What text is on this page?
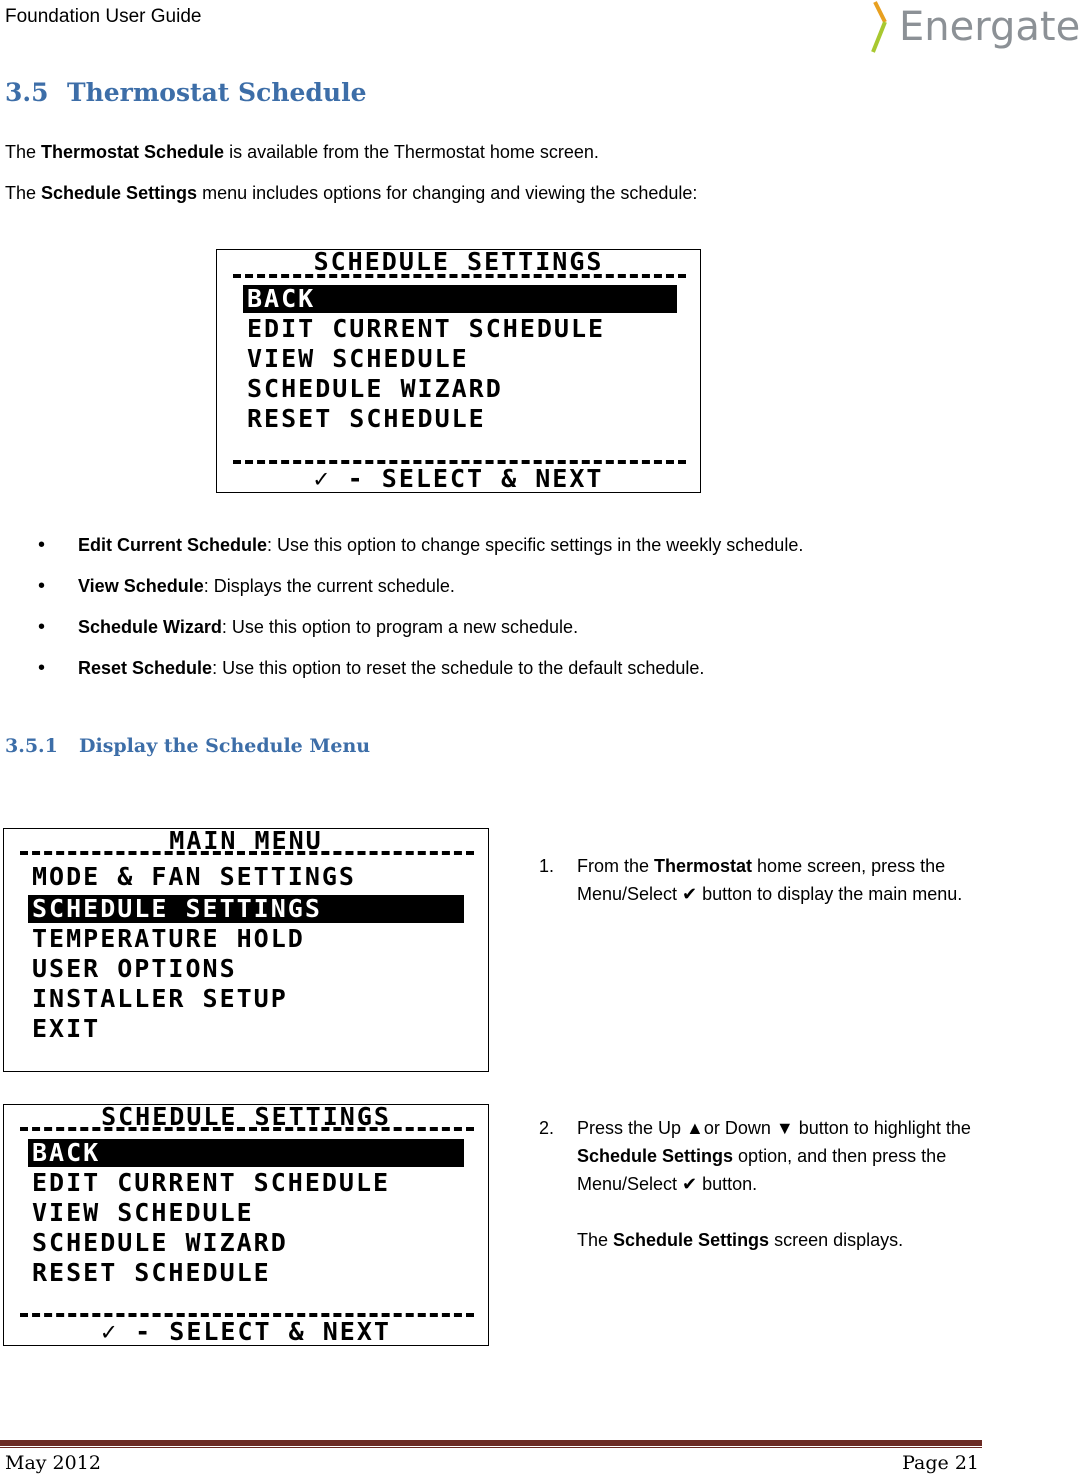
Foundation User Guide	Energate
3.5 Thermostat Schedule
The Thermostat Schedule is available from the Thermostat home screen.
The Schedule Settings menu includes options for changing and viewing the schedule:
SCHEDULE SETTINGS
BACK
EDIT CURRENT SCHEDULE
VIEW SCHEDULE
SCHEDULE WIZARD
RESET SCHEDULE
✓ - SELECT & NEXT
• Edit Current Schedule: Use this option to change specific settings in the weekly schedule.
• View Schedule: Displays the current schedule.
• Schedule Wizard: Use this option to program a new schedule.
• Reset Schedule: Use this option to reset the schedule to the default schedule.
3.5.1 Display the Schedule Menu
MAIN MENU
MODE & FAN SETTINGS
SCHEDULE SETTINGS
TEMPERATURE HOLD
USER OPTIONS
INSTALLER SETUP
EXIT
1. From the Thermostat home screen, press the Menu/Select ✔ button to display the main menu.
SCHEDULE SETTINGS
BACK
EDIT CURRENT SCHEDULE
VIEW SCHEDULE
SCHEDULE WIZARD
RESET SCHEDULE
✓ - SELECT & NEXT
2. Press the Up ▲or Down ▼ button to highlight the Schedule Settings option, and then press the Menu/Select ✔ button.
The Schedule Settings screen displays.
May 2012	Page 21
